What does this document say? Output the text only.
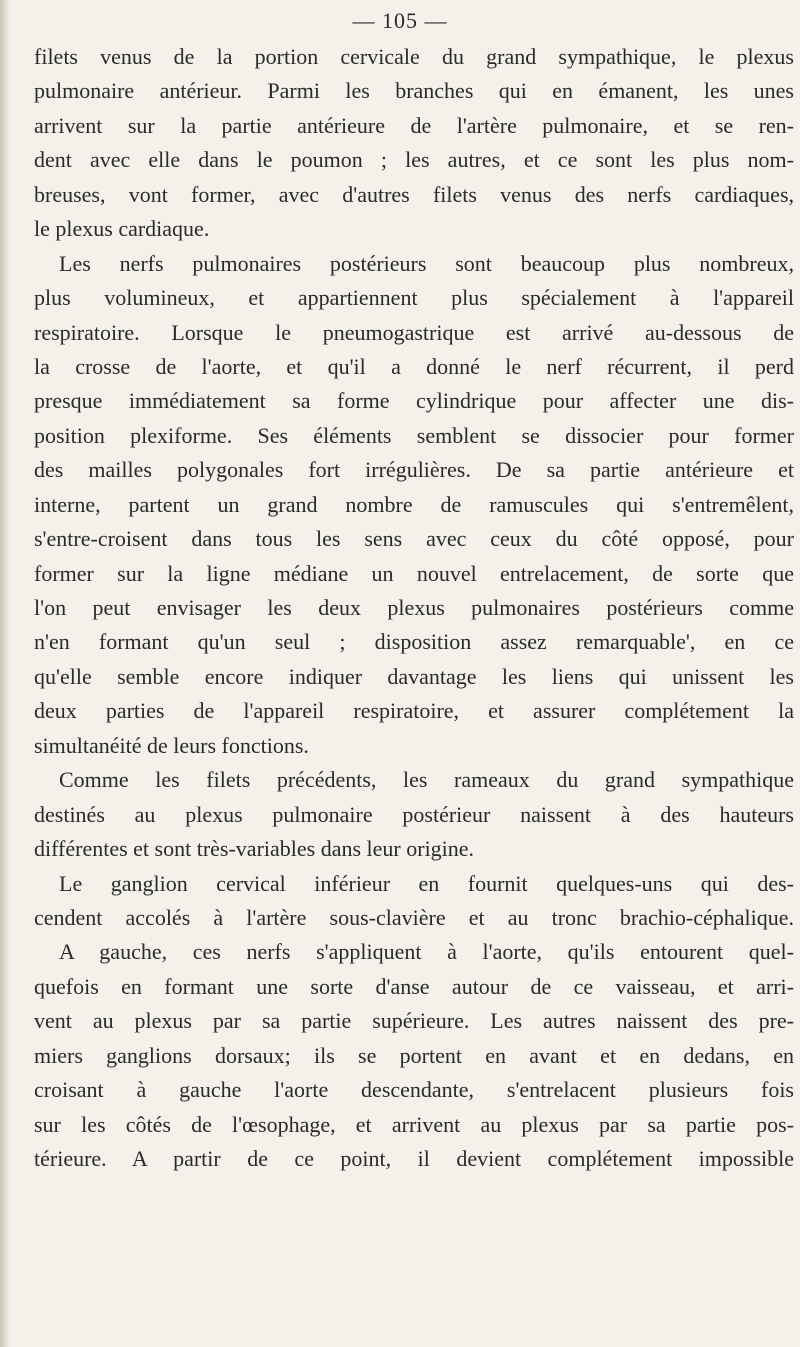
— 105 —
filets venus de la portion cervicale du grand sympathique, le plexus
pulmonaire antérieur. Parmi les branches qui en émanent, les unes
arrivent sur la partie antérieure de l'artère pulmonaire, et se ren-
dent avec elle dans le poumon ; les autres, et ce sont les plus nom-
breuses, vont former, avec d'autres filets venus des nerfs cardiaques,
le plexus cardiaque.
Les nerfs pulmonaires postérieurs sont beaucoup plus nombreux,
plus volumineux, et appartiennent plus spécialement à l'appareil
respiratoire. Lorsque le pneumogastrique est arrivé au-dessous de
la crosse de l'aorte, et qu'il a donné le nerf récurrent, il perd
presque immédiatement sa forme cylindrique pour affecter une dis-
position plexiforme. Ses éléments semblent se dissocier pour former
des mailles polygonales fort irrégulières. De sa partie antérieure et
interne, partent un grand nombre de ramuscules qui s'entremêlent,
s'entre-croisent dans tous les sens avec ceux du côté opposé, pour
former sur la ligne médiane un nouvel entrelacement, de sorte que
l'on peut envisager les deux plexus pulmonaires postérieurs comme
n'en formant qu'un seul ; disposition assez remarquable', en ce
qu'elle semble encore indiquer davantage les liens qui unissent les
deux parties de l'appareil respiratoire, et assurer complétement la
simultanéité de leurs fonctions.
Comme les filets précédents, les rameaux du grand sympathique
destinés au plexus pulmonaire postérieur naissent à des hauteurs
différentes et sont très-variables dans leur origine.
Le ganglion cervical inférieur en fournit quelques-uns qui des-
cendent accolés à l'artère sous-clavière et au tronc brachio-céphalique.
A gauche, ces nerfs s'appliquent à l'aorte, qu'ils entourent quel-
quefois en formant une sorte d'anse autour de ce vaisseau, et arri-
vent au plexus par sa partie supérieure. Les autres naissent des pre-
miers ganglions dorsaux; ils se portent en avant et en dedans, en
croisant à gauche l'aorte descendante, s'entrelacent plusieurs fois
sur les côtés de l'œsophage, et arrivent au plexus par sa partie pos-
térieure. A partir de ce point, il devient complétement impossible
